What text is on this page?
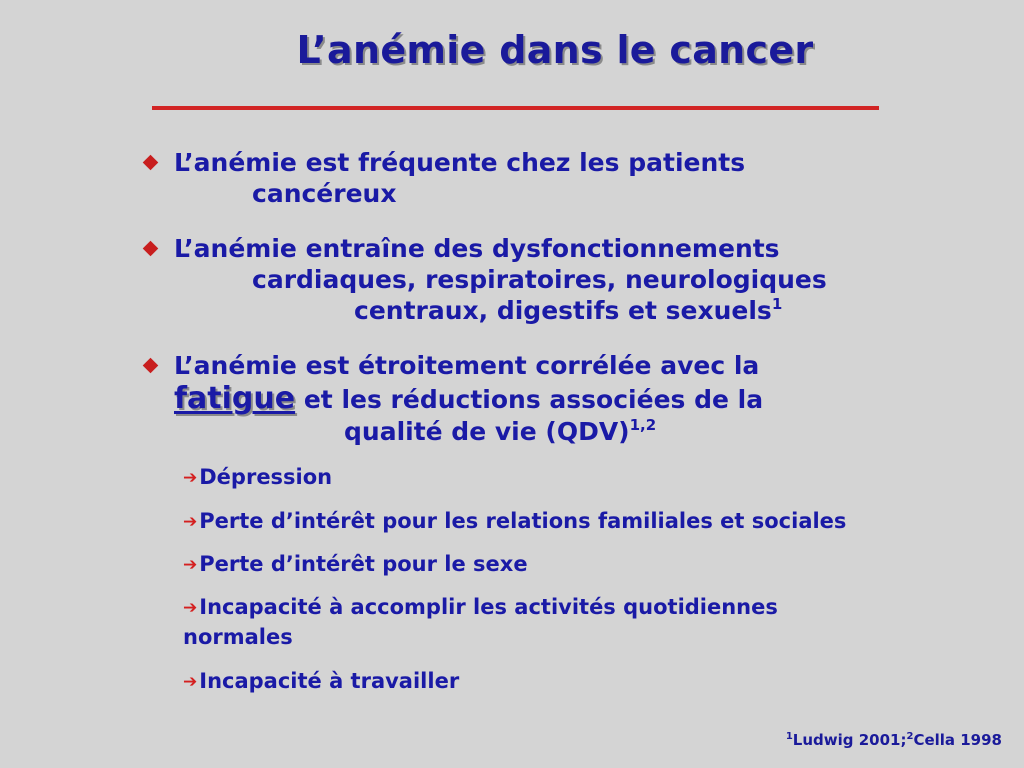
L’anémie dans le cancer
L’anémie est fréquente chez les patients
cancéreux
L’anémie entraîne des dysfonctionnements
cardiaques, respiratoires, neurologiques
centraux, digestifs et sexuels$^1$
L’anémie est étroitement corrélée avec la
fatigue et les réductions associées de la
qualité de vie (QDV)$^{1,2}$
➔Dépression
➔Perte d’intérêt pour les relations familiales et sociales
➔Perte d’intérêt pour le sexe
➔Incapacité à accomplir les activités quotidiennes
normales
➔Incapacité à travailler
$^1$Ludwig 2001;$^2$Cella 1998
